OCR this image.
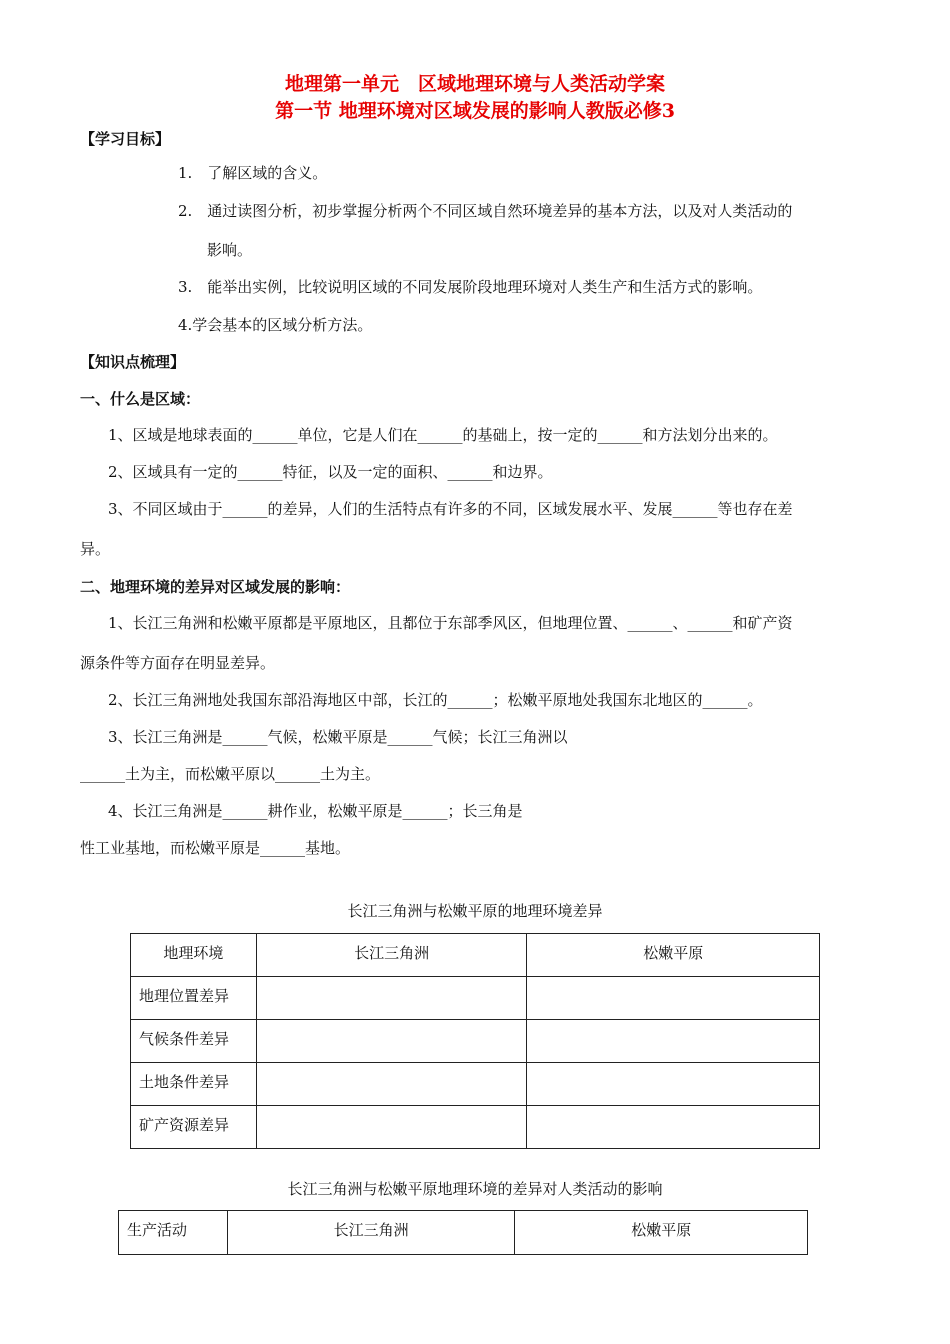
地理第一单元　区域地理环境与人类活动学案
第一节 地理环境对区域发展的影响人教版必修3
【学习目标】
1.　了解区域的含义。
2.　通过读图分析，初步掌握分析两个不同区域自然环境差异的基本方法，以及对人类活动的
影响。
3.　能举出实例，比较说明区域的不同发展阶段地理环境对人类生产和生活方式的影响。
4.学会基本的区域分析方法。
【知识点梳理】
一、什么是区域：
1、区域是地球表面的______单位，它是人们在______的基础上，按一定的______和方法划分出来的。
2、区域具有一定的______特征，以及一定的面积、______和边界。
3、不同区域由于______的差异，人们的生活特点有许多的不同，区域发展水平、发展______等也存在差
异。
二、地理环境的差异对区域发展的影响：
1、长江三角洲和松嫩平原都是平原地区，且都位于东部季风区，但地理位置、______、______和矿产资
源条件等方面存在明显差异。
2、长江三角洲地处我国东部沿海地区中部，长江的______；松嫩平原地处我国东北地区的______。
3、长江三角洲是______气候，松嫩平原是______气候；长江三角洲以
______土为主，而松嫩平原以______土为主。
4、长江三角洲是______耕作业，松嫩平原是______；长三角是
性工业基地，而松嫩平原是______基地。
长江三角洲与松嫩平原的地理环境差异
地理环境	长江三角洲	松嫩平原
地理位置差异		
气候条件差异		
土地条件差异		
矿产资源差异		
长江三角洲与松嫩平原地理环境的差异对人类活动的影响
生产活动	长江三角洲	松嫩平原
